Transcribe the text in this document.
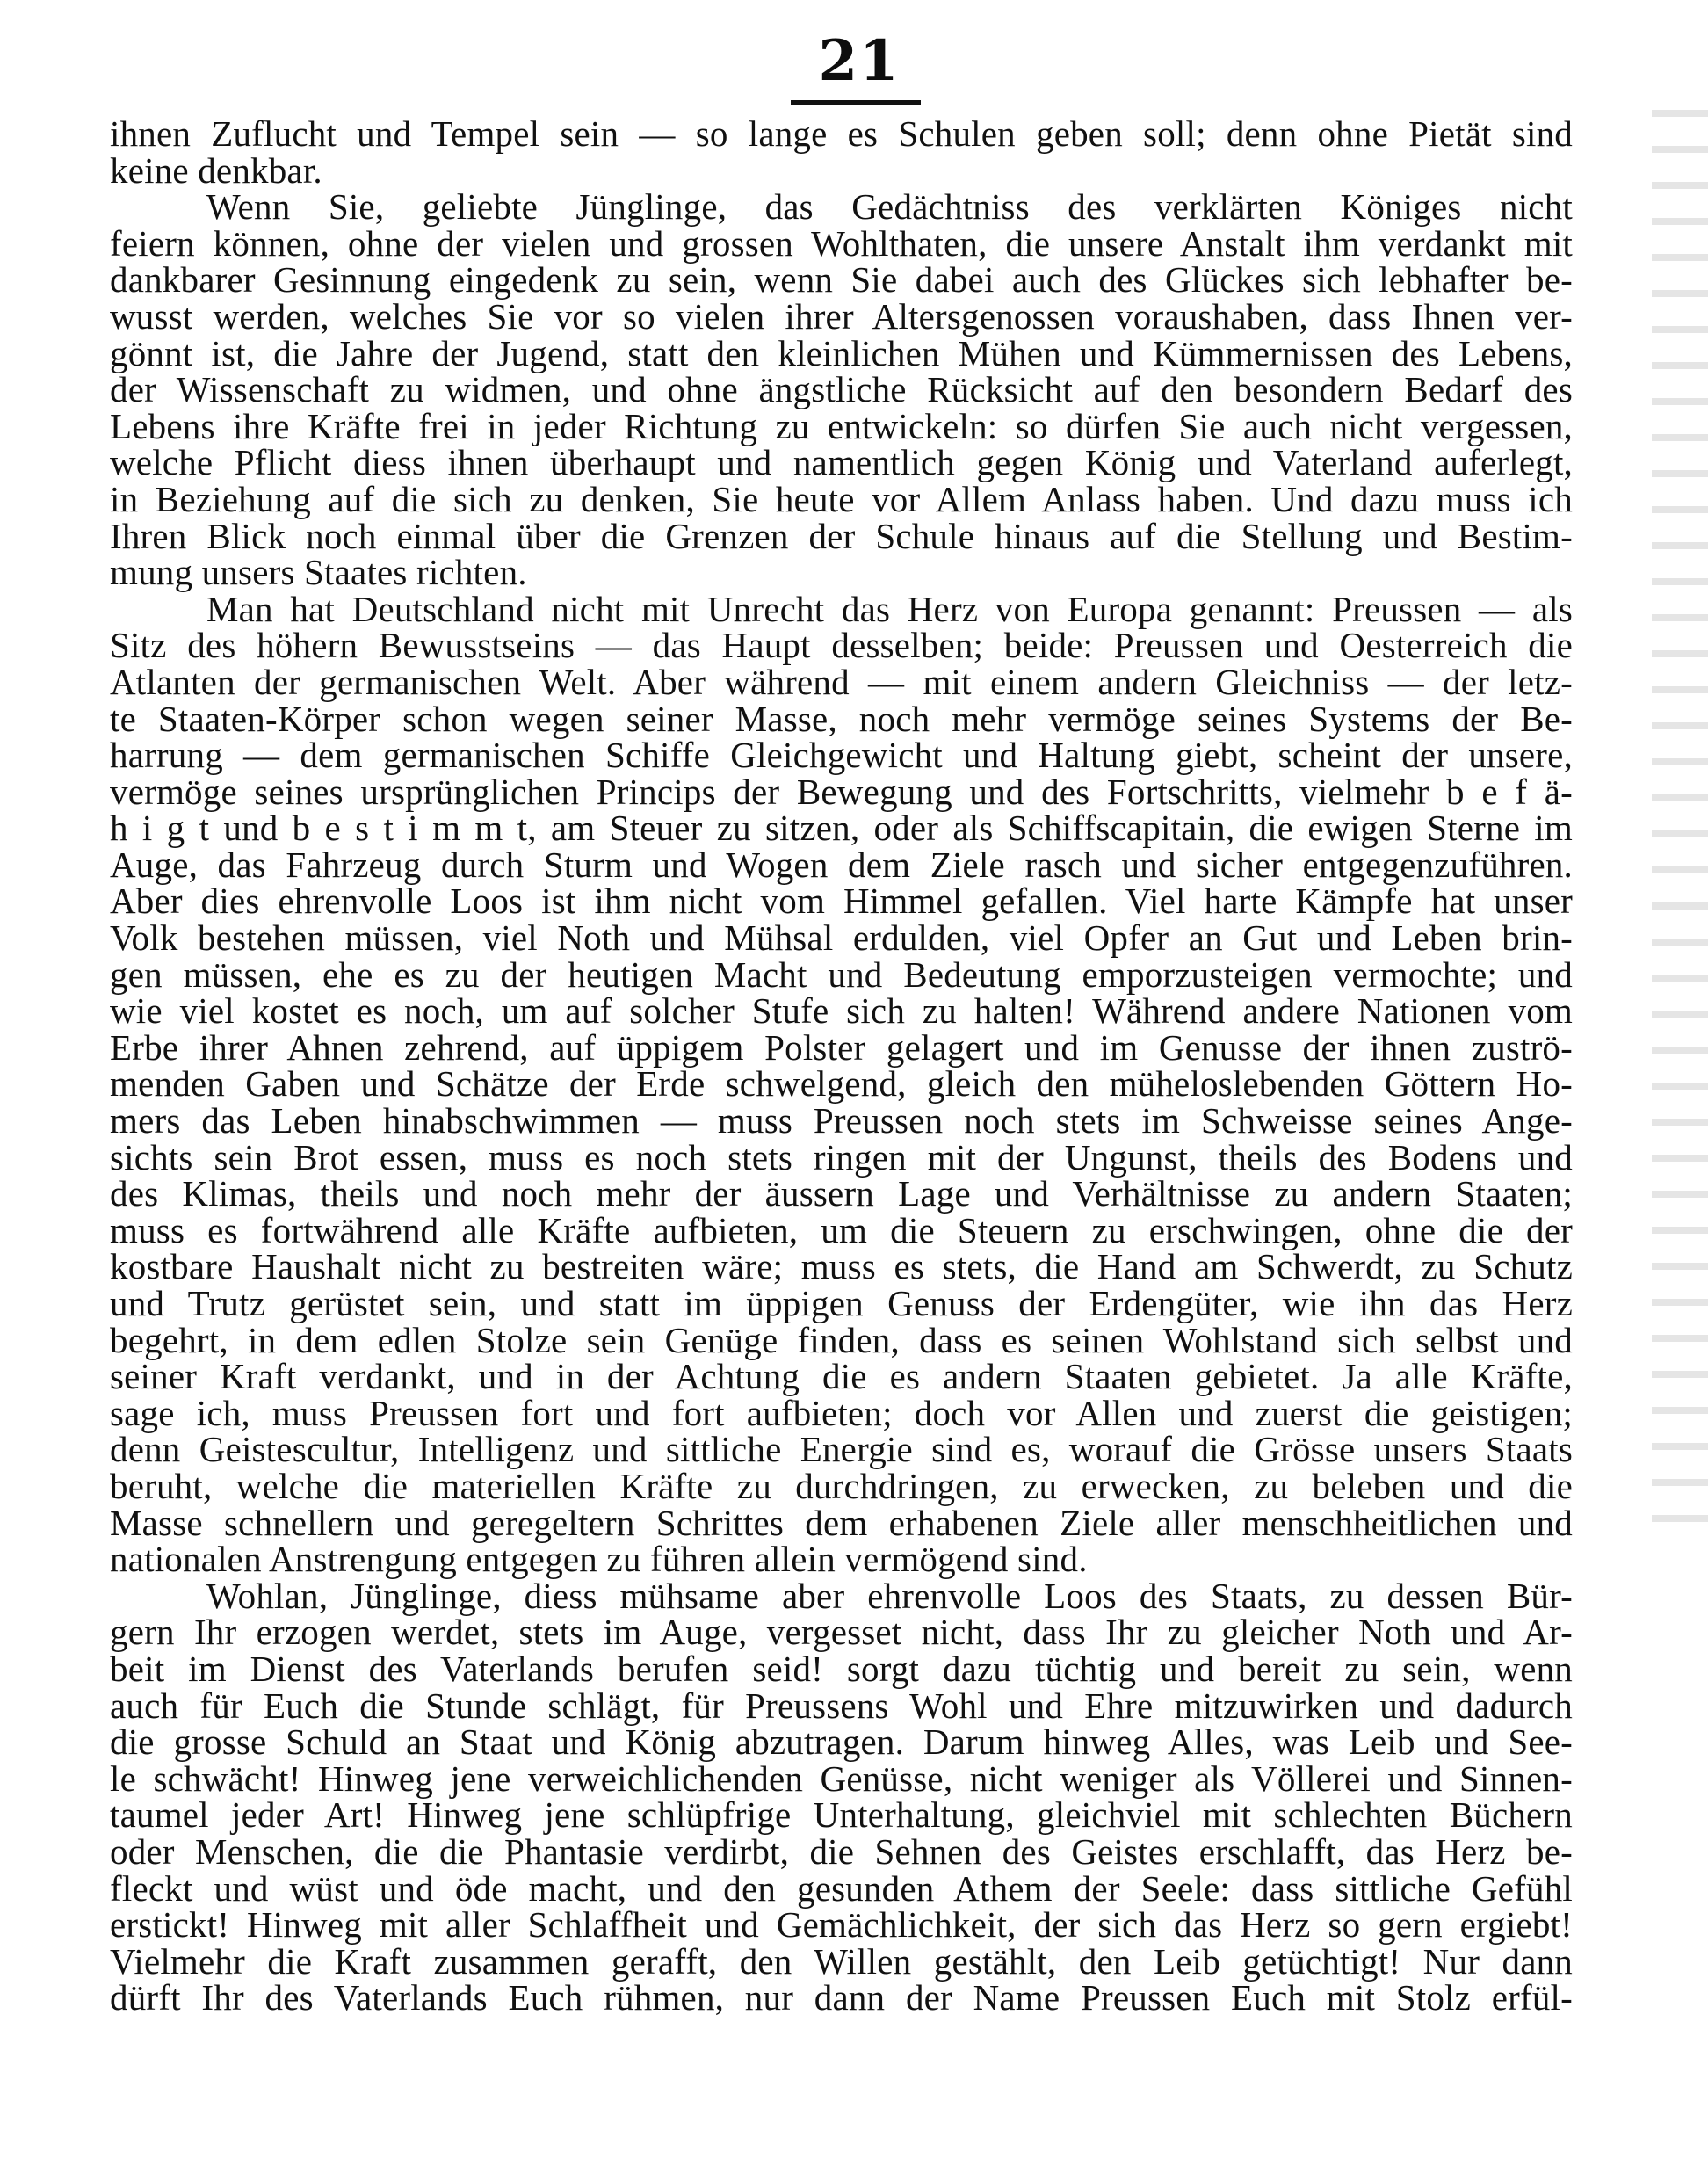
21
ihnen Zuflucht und Tempel sein — so lange es Schulen geben soll; denn ohne Pietät sind
keine denkbar.
Wenn Sie, geliebte Jünglinge, das Gedächtniss des verklärten Königes nicht
feiern können, ohne der vielen und grossen Wohlthaten, die unsere Anstalt ihm verdankt mit
dankbarer Gesinnung eingedenk zu sein, wenn Sie dabei auch des Glückes sich lebhafter be-
wusst werden, welches Sie vor so vielen ihrer Altersgenossen voraushaben, dass Ihnen ver-
gönnt ist, die Jahre der Jugend, statt den kleinlichen Mühen und Kümmernissen des Lebens,
der Wissenschaft zu widmen, und ohne ängstliche Rücksicht auf den besondern Bedarf des
Lebens ihre Kräfte frei in jeder Richtung zu entwickeln: so dürfen Sie auch nicht vergessen,
welche Pflicht diess ihnen überhaupt und namentlich gegen König und Vaterland auferlegt,
in Beziehung auf die sich zu denken, Sie heute vor Allem Anlass haben. Und dazu muss ich
Ihren Blick noch einmal über die Grenzen der Schule hinaus auf die Stellung und Bestim-
mung unsers Staates richten.
Man hat Deutschland nicht mit Unrecht das Herz von Europa genannt: Preussen — als
Sitz des höhern Bewusstseins — das Haupt desselben; beide: Preussen und Oesterreich die
Atlanten der germanischen Welt. Aber während — mit einem andern Gleichniss — der letz-
te Staaten-Körper schon wegen seiner Masse, noch mehr vermöge seines Systems der Be-
harrung — dem germanischen Schiffe Gleichgewicht und Haltung giebt, scheint der unsere,
vermöge seines ursprünglichen Princips der Bewegung und des Fortschritts, vielmehr b e f ä-
h i g t und b e s t i m m t, am Steuer zu sitzen, oder als Schiffscapitain, die ewigen Sterne im
Auge, das Fahrzeug durch Sturm und Wogen dem Ziele rasch und sicher entgegenzuführen.
Aber dies ehrenvolle Loos ist ihm nicht vom Himmel gefallen. Viel harte Kämpfe hat unser
Volk bestehen müssen, viel Noth und Mühsal erdulden, viel Opfer an Gut und Leben brin-
gen müssen, ehe es zu der heutigen Macht und Bedeutung emporzusteigen vermochte; und
wie viel kostet es noch, um auf solcher Stufe sich zu halten! Während andere Nationen vom
Erbe ihrer Ahnen zehrend, auf üppigem Polster gelagert und im Genusse der ihnen zuströ-
menden Gaben und Schätze der Erde schwelgend, gleich den müheloslebenden Göttern Ho-
mers das Leben hinabschwimmen — muss Preussen noch stets im Schweisse seines Ange-
sichts sein Brot essen, muss es noch stets ringen mit der Ungunst, theils des Bodens und
des Klimas, theils und noch mehr der äussern Lage und Verhältnisse zu andern Staaten;
muss es fortwährend alle Kräfte aufbieten, um die Steuern zu erschwingen, ohne die der
kostbare Haushalt nicht zu bestreiten wäre; muss es stets, die Hand am Schwerdt, zu Schutz
und Trutz gerüstet sein, und statt im üppigen Genuss der Erdengüter, wie ihn das Herz
begehrt, in dem edlen Stolze sein Genüge finden, dass es seinen Wohlstand sich selbst und
seiner Kraft verdankt, und in der Achtung die es andern Staaten gebietet. Ja alle Kräfte,
sage ich, muss Preussen fort und fort aufbieten; doch vor Allen und zuerst die geistigen;
denn Geistescultur, Intelligenz und sittliche Energie sind es, worauf die Grösse unsers Staats
beruht, welche die materiellen Kräfte zu durchdringen, zu erwecken, zu beleben und die
Masse schnellern und geregeltern Schrittes dem erhabenen Ziele aller menschheitlichen und
nationalen Anstrengung entgegen zu führen allein vermögend sind.
Wohlan, Jünglinge, diess mühsame aber ehrenvolle Loos des Staats, zu dessen Bür-
gern Ihr erzogen werdet, stets im Auge, vergesset nicht, dass Ihr zu gleicher Noth und Ar-
beit im Dienst des Vaterlands berufen seid! sorgt dazu tüchtig und bereit zu sein, wenn
auch für Euch die Stunde schlägt, für Preussens Wohl und Ehre mitzuwirken und dadurch
die grosse Schuld an Staat und König abzutragen. Darum hinweg Alles, was Leib und See-
le schwächt! Hinweg jene verweichlichenden Genüsse, nicht weniger als Völlerei und Sinnen-
taumel jeder Art! Hinweg jene schlüpfrige Unterhaltung, gleichviel mit schlechten Büchern
oder Menschen, die die Phantasie verdirbt, die Sehnen des Geistes erschlafft, das Herz be-
fleckt und wüst und öde macht, und den gesunden Athem der Seele: dass sittliche Gefühl
erstickt! Hinweg mit aller Schlaffheit und Gemächlichkeit, der sich das Herz so gern ergiebt!
Vielmehr die Kraft zusammen gerafft, den Willen gestählt, den Leib getüchtigt! Nur dann
dürft Ihr des Vaterlands Euch rühmen, nur dann der Name Preussen Euch mit Stolz erfül-
